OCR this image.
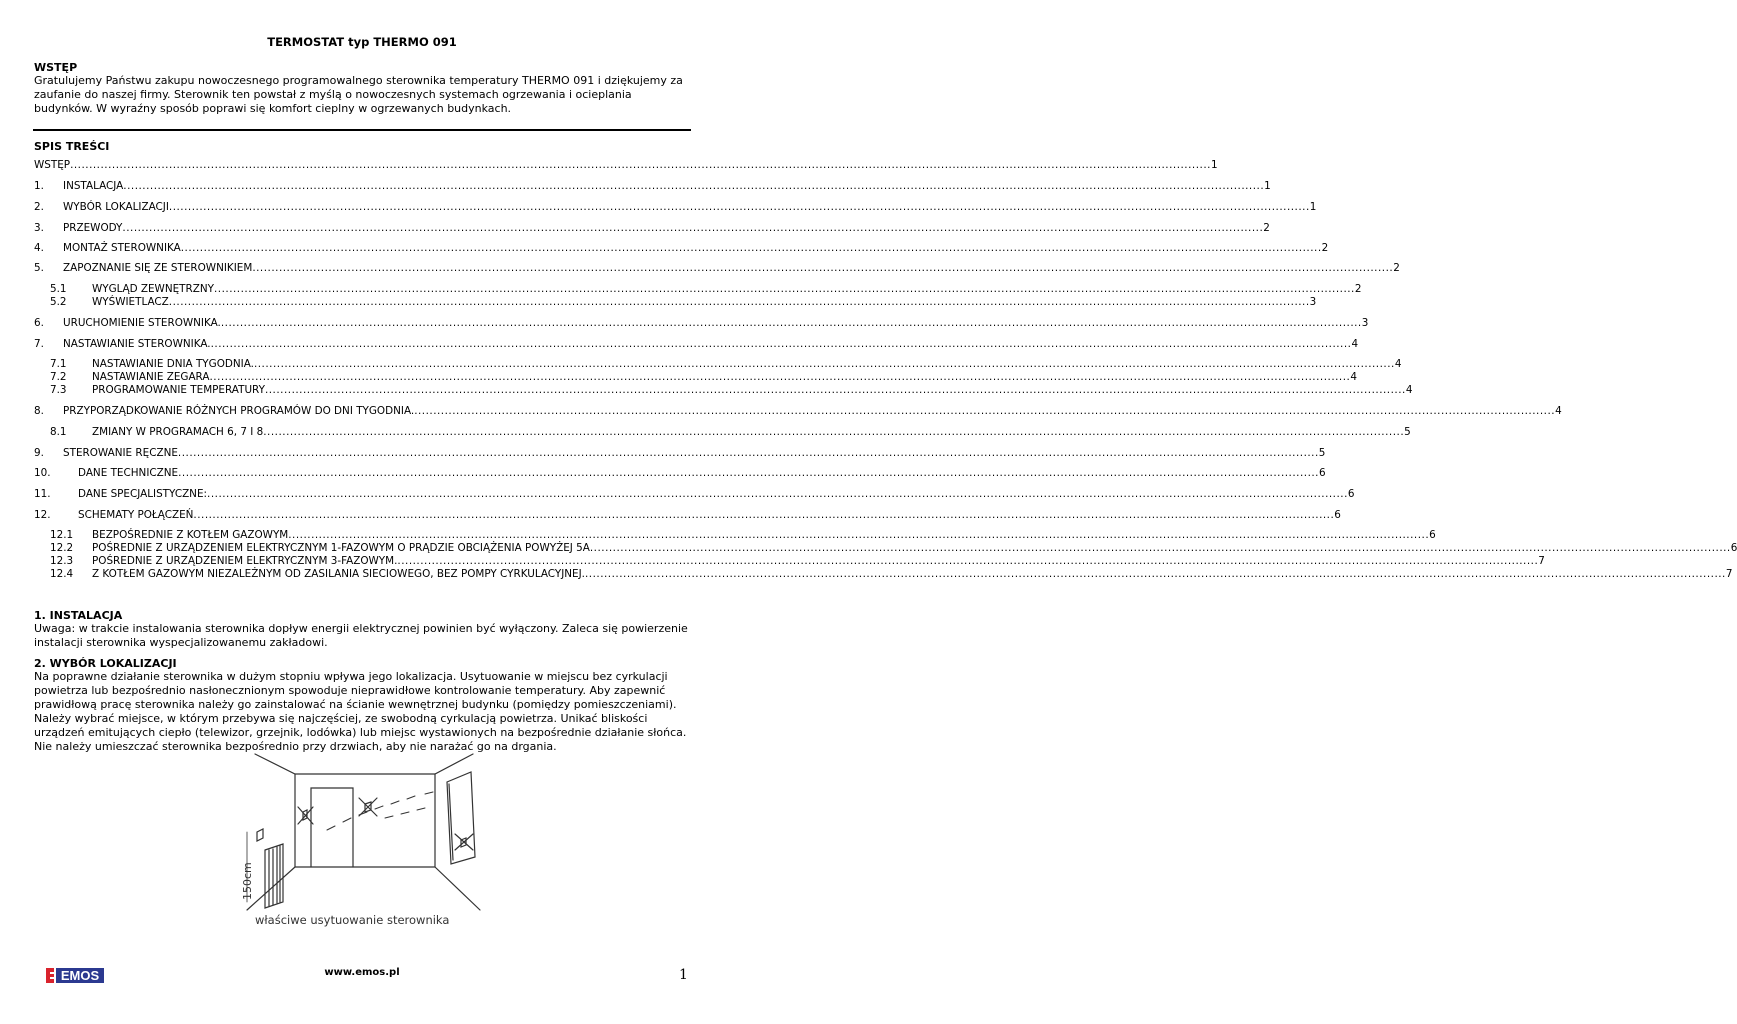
TERMOSTAT typ THERMO 091
WSTĘP
Gratulujemy Państwu zakupu nowoczesnego programowalnego sterownika temperatury THERMO 091 i dziękujemy za
zaufanie do naszej firmy. Sterownik ten powstał z myślą o nowoczesnych systemach ogrzewania i ocieplania
budynków. W wyraźny sposób poprawi się komfort cieplny w ogrzewanych budynkach.
SPIS TREŚCI
WSTĘP ............................................................................................................................................................................................................................................................................................................ 1
1.	INSTALACJA ............................................................................................................................................................................................................................................................................................................ 1
2.	WYBÓR LOKALIZACJI ............................................................................................................................................................................................................................................................................................................ 1
3.	PRZEWODY ............................................................................................................................................................................................................................................................................................................ 2
4.	MONTAŻ STEROWNIKA ............................................................................................................................................................................................................................................................................................................ 2
5.	ZAPOZNANIE SIĘ ZE STEROWNIKIEM ............................................................................................................................................................................................................................................................................................................ 2
5.1	WYGLĄD ZEWNĘTRZNY ............................................................................................................................................................................................................................................................................................................ 2
5.2	WYŚWIETLACZ ............................................................................................................................................................................................................................................................................................................ 3
6.	URUCHOMIENIE STEROWNIKA. ............................................................................................................................................................................................................................................................................................................ 3
7.	NASTAWIANIE STEROWNIKA. ............................................................................................................................................................................................................................................................................................................ 4
7.1	NASTAWIANIE DNIA TYGODNIA. ............................................................................................................................................................................................................................................................................................................ 4
7.2	NASTAWIANIE ZEGARA ............................................................................................................................................................................................................................................................................................................ 4
7.3	PROGRAMOWANIE TEMPERATURY ............................................................................................................................................................................................................................................................................................................ 4
8.	PRZYPORZĄDKOWANIE RÓŻNYCH PROGRAMÓW DO DNI TYGODNIA. ............................................................................................................................................................................................................................................................................................................ 4
8.1	ZMIANY W PROGRAMACH 6, 7 I 8 ............................................................................................................................................................................................................................................................................................................ 5
9.	STEROWANIE RĘCZNE ............................................................................................................................................................................................................................................................................................................ 5
10.	DANE TECHNICZNE ............................................................................................................................................................................................................................................................................................................ 6
11.	DANE SPECJALISTYCZNE: ............................................................................................................................................................................................................................................................................................................ 6
12.	SCHEMATY POŁĄCZEŃ ............................................................................................................................................................................................................................................................................................................ 6
12.1	BEZPOŚREDNIE Z KOTŁEM GAZOWYM ............................................................................................................................................................................................................................................................................................................ 6
12.2	POŚREDNIE Z URZĄDZENIEM ELEKTRYCZNYM 1-FAZOWYM O PRĄDZIE OBCIĄŻENIA POWYŻEJ 5A ............................................................................................................................................................................................................................................................................................................ 6
12.3	POŚREDNIE Z URZĄDZENIEM ELEKTRYCZNYM 3-FAZOWYM. ............................................................................................................................................................................................................................................................................................................ 7
12.4	Z KOTŁEM GAZOWYM NIEZALEŻNYM OD ZASILANIA SIECIOWEGO, BEZ POMPY CYRKULACYJNEJ. ............................................................................................................................................................................................................................................................................................................ 7
1. INSTALACJA
Uwaga: w trakcie instalowania sterownika dopływ energii elektrycznej powinien być wyłączony. Zaleca się powierzenie
instalacji sterownika wyspecjalizowanemu zakładowi.
2. WYBÓR LOKALIZACJI
Na poprawne działanie sterownika w dużym stopniu wpływa jego lokalizacja. Usytuowanie w miejscu bez cyrkulacji
powietrza lub bezpośrednio nasłonecznionym spowoduje nieprawidłowe kontrolowanie temperatury. Aby zapewnić
prawidłową pracę sterownika należy go zainstalować na ścianie wewnętrznej budynku (pomiędzy pomieszczeniami).
Należy wybrać miejsce, w którym przebywa się najczęściej, ze swobodną cyrkulacją powietrza. Unikać bliskości
urządzeń emitujących ciepło (telewizor, grzejnik, lodówka) lub miejsc wystawionych na bezpośrednie działanie słońca.
Nie należy umieszczać sterownika bezpośrednio przy drzwiach, aby nie narażać go na drgania.
150cm
właściwe usytuowanie sterownika
EMOS	www.emos.pl	1
